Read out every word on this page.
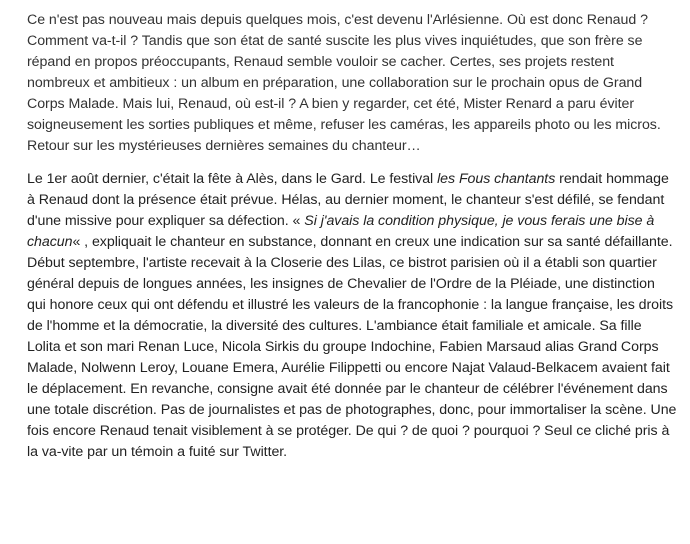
Ce n'est pas nouveau mais depuis quelques mois, c'est devenu l'Arlésienne. Où est donc Renaud ? Comment va-t-il ? Tandis que son état de santé suscite les plus vives inquiétudes, que son frère se répand en propos préoccupants, Renaud semble vouloir se cacher. Certes, ses projets restent nombreux et ambitieux : un album en préparation, une collaboration sur le prochain opus de Grand Corps Malade. Mais lui, Renaud, où est-il ? A bien y regarder, cet été, Mister Renard a paru éviter soigneusement les sorties publiques et même, refuser les caméras, les appareils photo ou les micros. Retour sur les mystérieuses dernières semaines du chanteur…

Le 1er août dernier, c'était la fête à Alès, dans le Gard. Le festival les Fous chantants rendait hommage à Renaud dont la présence était prévue. Hélas, au dernier moment, le chanteur s'est défilé, se fendant d'une missive pour expliquer sa défection. « Si j'avais la condition physique, je vous ferais une bise à chacun« , expliquait le chanteur en substance, donnant en creux une indication sur sa santé défaillante.

Début septembre, l'artiste recevait à la Closerie des Lilas, ce bistrot parisien où il a établi son quartier général depuis de longues années, les insignes de Chevalier de l'Ordre de la Pléiade, une distinction qui honore ceux qui ont défendu et illustré les valeurs de la francophonie : la langue française, les droits de l'homme et la démocratie, la diversité des cultures. L'ambiance était familiale et amicale. Sa fille Lolita et son mari Renan Luce, Nicola Sirkis du groupe Indochine, Fabien Marsaud alias Grand Corps Malade, Nolwenn Leroy, Louane Emera, Aurélie Filippetti ou encore Najat Valaud-Belkacem avaient fait le déplacement. En revanche, consigne avait été donnée par le chanteur de célébrer l'événement dans une totale discrétion. Pas de journalistes et pas de photographes, donc, pour immortaliser la scène. Une fois encore Renaud tenait visiblement à se protéger. De qui ? de quoi ? pourquoi ? Seul ce cliché pris à la va-vite par un témoin a fuité sur Twitter.
